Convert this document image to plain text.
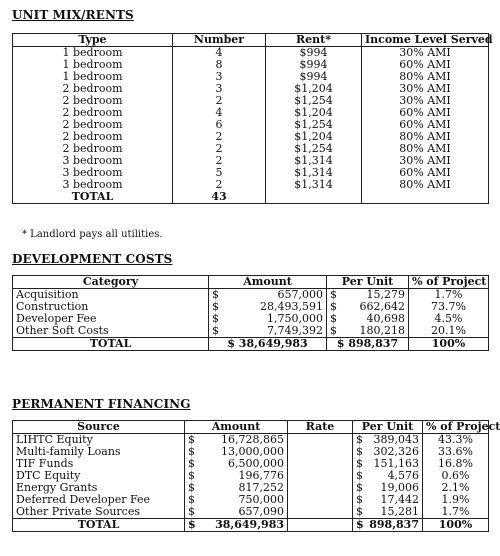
UNIT MIX/RENTS
Type	Number	Rent*	Income Level Served
1 bedroom	4	$994	30% AMI
1 bedroom	8	$994	60% AMI
1 bedroom	3	$994	80% AMI
2 bedroom	3	$1,204	30% AMI
2 bedroom	2	$1,254	30% AMI
2 bedroom	4	$1,204	60% AMI
2 bedroom	6	$1,254	60% AMI
2 bedroom	2	$1,204	80% AMI
2 bedroom	2	$1,254	80% AMI
3 bedroom	2	$1,314	30% AMI
3 bedroom	5	$1,314	60% AMI
3 bedroom	2	$1,314	80% AMI
TOTAL	43		
* Landlord pays all utilities.
DEVELOPMENT COSTS
Category	Amount	Per Unit	% of Project
Acquisition	$ 657,000	$ 15,279	1.7%
Construction	$ 28,493,591	$ 662,642	73.7%
Developer Fee	$ 1,750,000	$ 40,698	4.5%
Other Soft Costs	$ 7,749,392	$ 180,218	20.1%
TOTAL	$ 38,649,983	$ 898,837	100%
PERMANENT FINANCING
Source	Amount	Rate	Per Unit	% of Project
LIHTC Equity	$ 16,728,865		$ 389,043	43.3%
Multi-family Loans	$ 13,000,000		$ 302,326	33.6%
TIF Funds	$ 6,500,000		$ 151,163	16.8%
DTC Equity	$ 196,776		$ 4,576	0.6%
Energy Grants	$ 817,252		$ 19,006	2.1%
Deferred Developer Fee	$ 750,000		$ 17,442	1.9%
Other Private Sources	$ 657,090		$ 15,281	1.7%
TOTAL	$ 38,649,983		$ 898,837	100%
